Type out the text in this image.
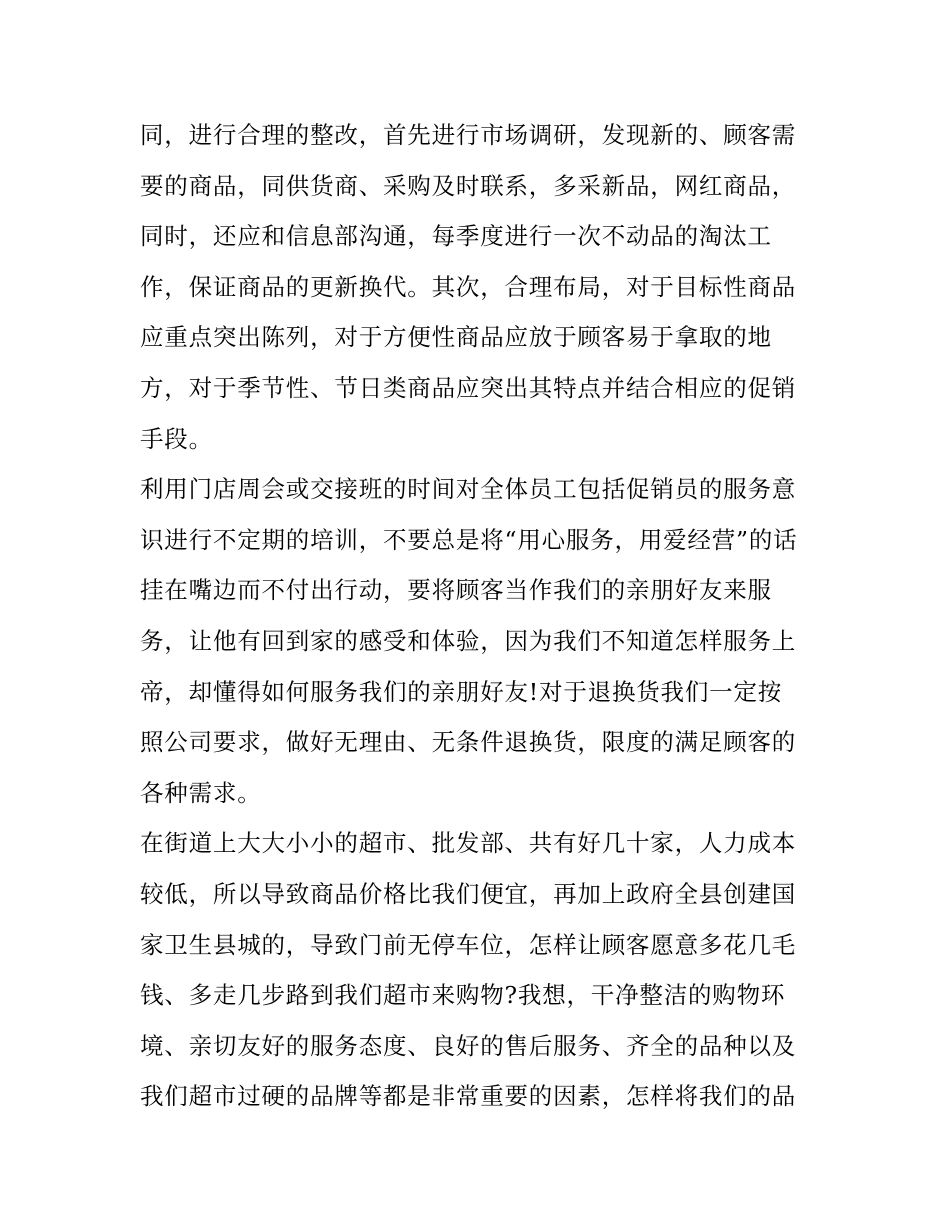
同，进行合理的整改，首先进行市场调研，发现新的、顾客需
要的商品，同供货商、采购及时联系，多采新品，网红商品，
同时，还应和信息部沟通，每季度进行一次不动品的淘汰工
作，保证商品的更新换代。其次，合理布局，对于目标性商品
应重点突出陈列，对于方便性商品应放于顾客易于拿取的地
方，对于季节性、节日类商品应突出其特点并结合相应的促销
手段。
利用门店周会或交接班的时间对全体员工包括促销员的服务意
识进行不定期的培训，不要总是将“用心服务，用爱经营”的话
挂在嘴边而不付出行动，要将顾客当作我们的亲朋好友来服
务，让他有回到家的感受和体验，因为我们不知道怎样服务上
帝，却懂得如何服务我们的亲朋好友!对于退换货我们一定按
照公司要求，做好无理由、无条件退换货，限度的满足顾客的
各种需求。
在街道上大大小小的超市、批发部、共有好几十家，人力成本
较低，所以导致商品价格比我们便宜，再加上政府全县创建国
家卫生县城的，导致门前无停车位，怎样让顾客愿意多花几毛
钱、多走几步路到我们超市来购物?我想，干净整洁的购物环
境、亲切友好的服务态度、良好的售后服务、齐全的品种以及
我们超市过硬的品牌等都是非常重要的因素，怎样将我们的品
